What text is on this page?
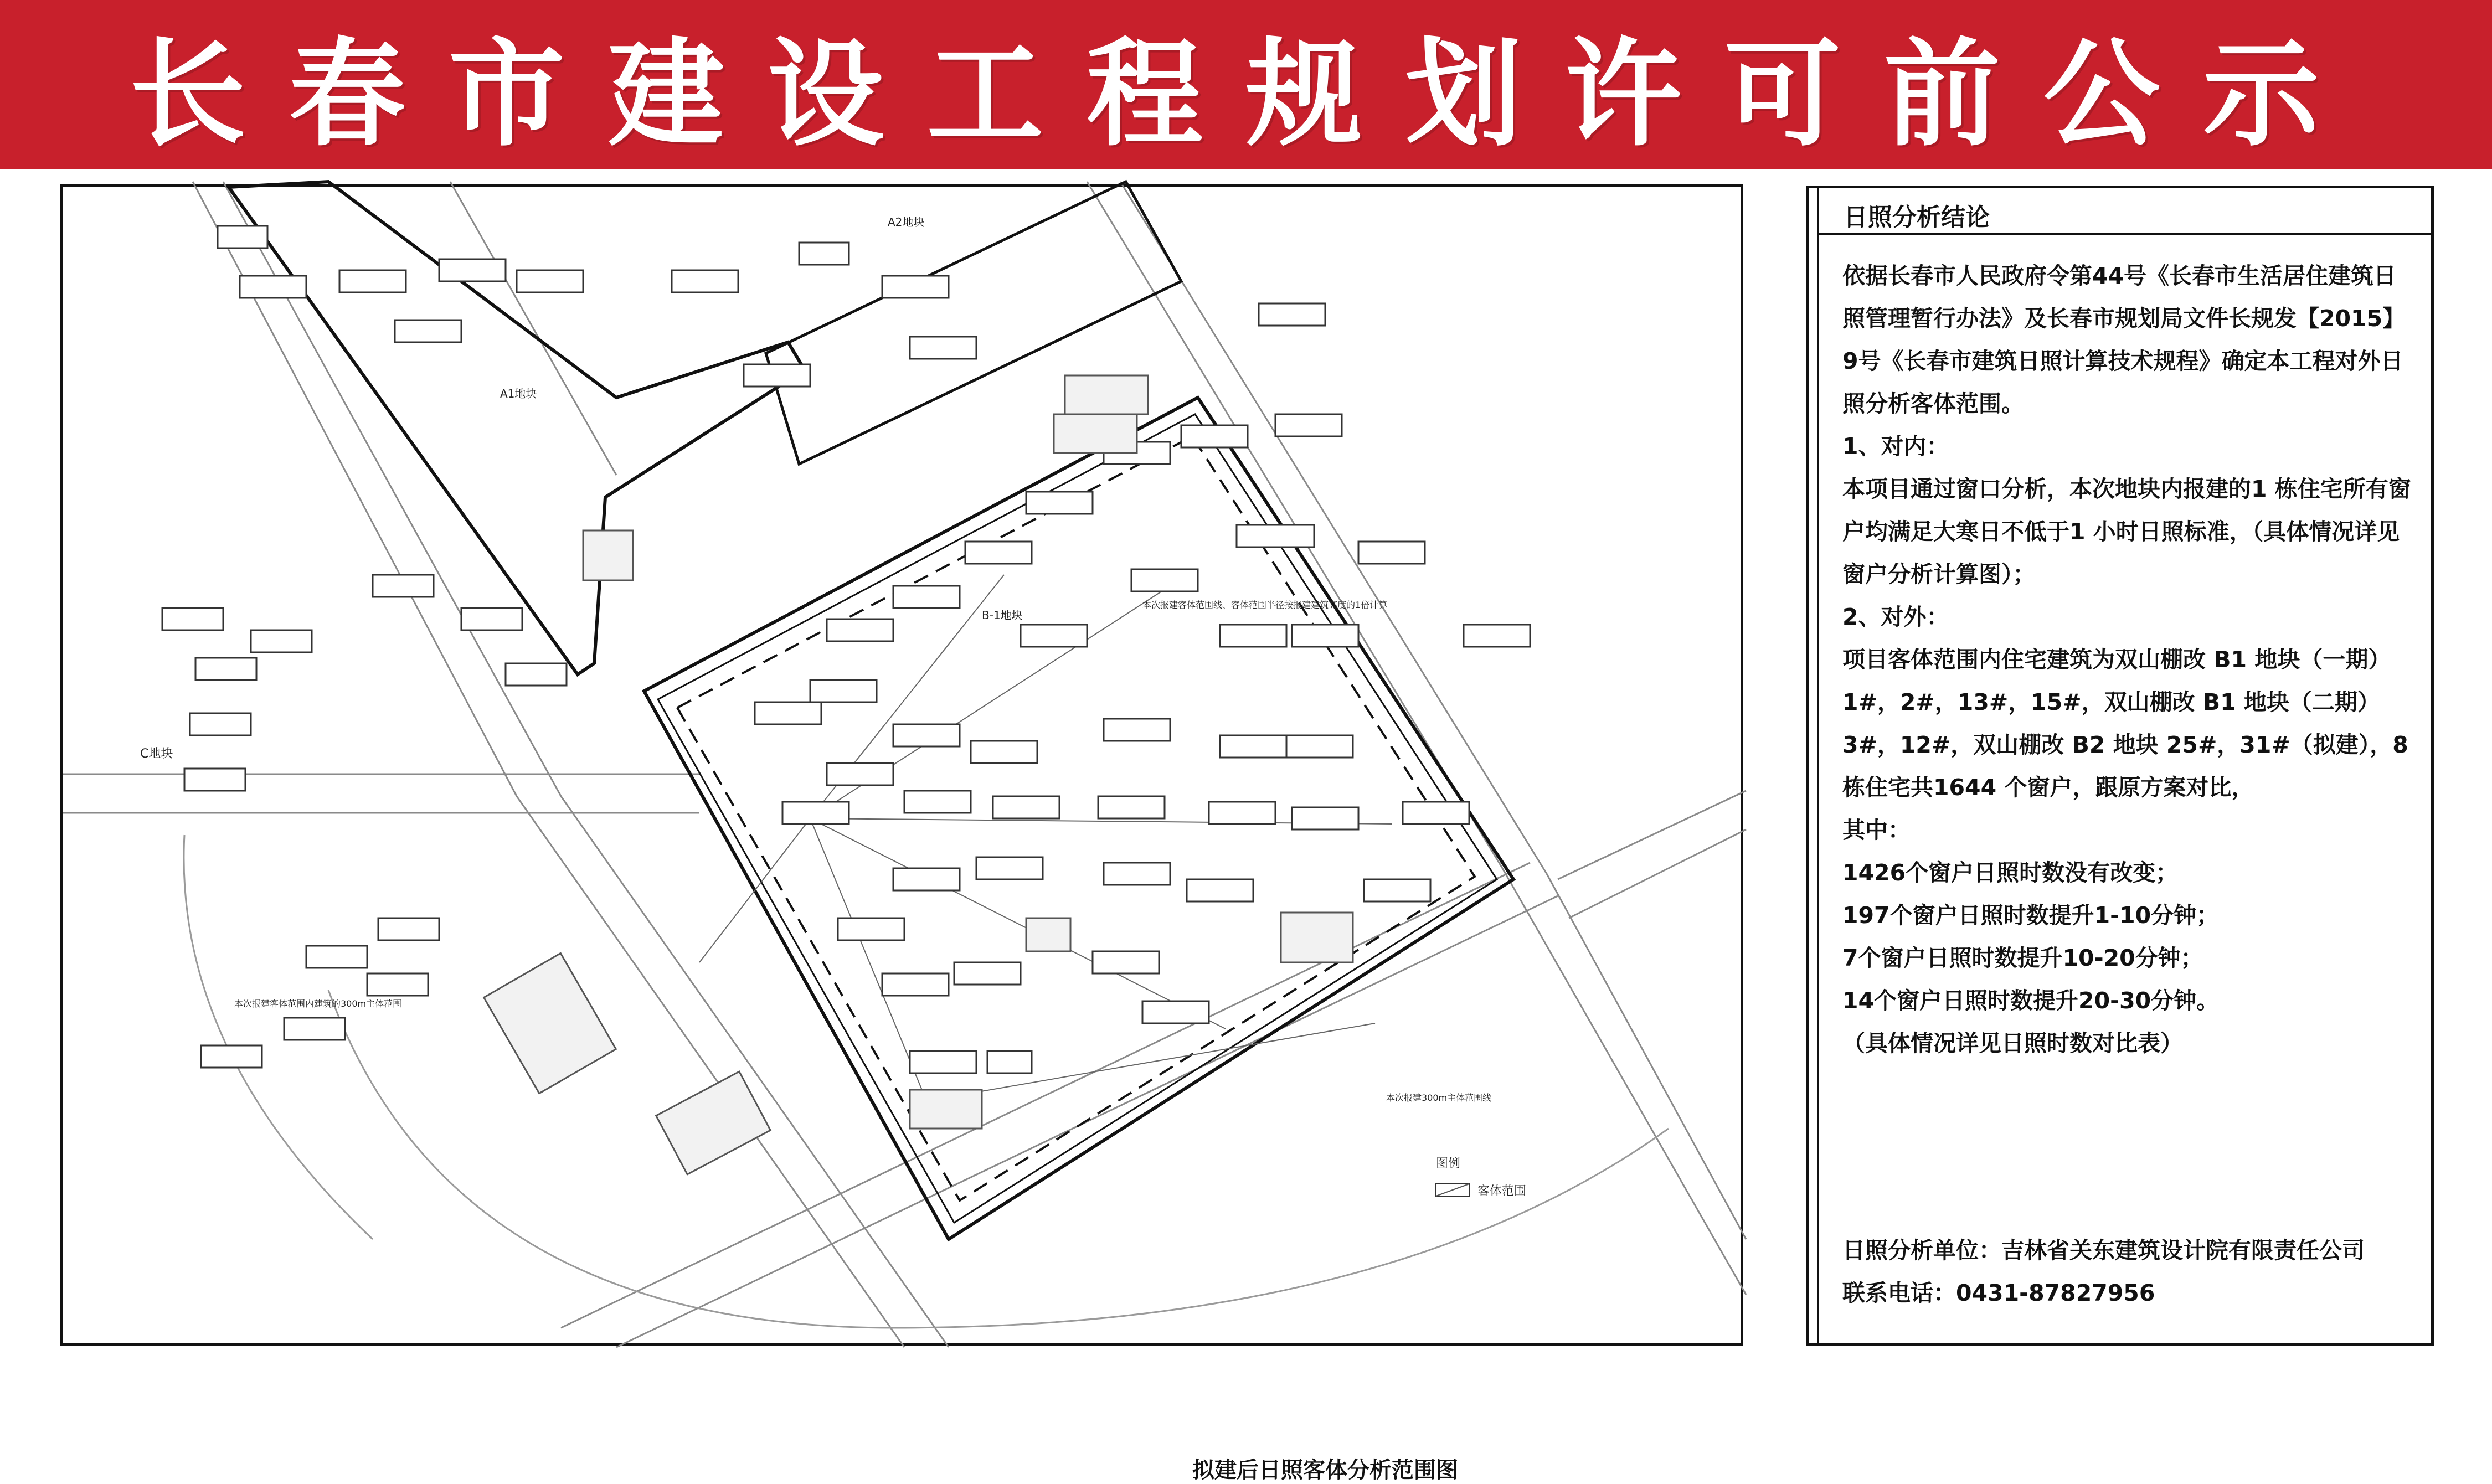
长春市建设工程规划许可前公示
A1地块
A2地块
B-1地块
C地块
本次报建客体范围线、客体范围半径按报建建筑高度的1倍计算
本次报建客体范围内建筑的300m主体范围
本次报建300m主体范围线
图例
客体范围
拟建后日照客体分析范围图
日照分析结论

依据长春市人民政府令第44号《长春市生活居住建筑日照管理暂行办法》及长春市规划局文件长规发【2015】9号《长春市建筑日照计算技术规程》确定本工程对外日照分析客体范围。

1、对内：

本项目通过窗口分析，本次地块内报建的1 栋住宅所有窗户均满足大寒日不低于1 小时日照标准，（具体情况详见窗户分析计算图）；

2、对外：

项目客体范围内住宅建筑为双山棚改 B1 地块（一期）1#，2#，13#，15#，双山棚改 B1 地块（二期）3#，12#，双山棚改 B2 地块 25#，31#（拟建），8 栋住宅共1644 个窗户，跟原方案对比，

其中：

1426个窗户日照时数没有改变；

197个窗户日照时数提升1-10分钟；

7个窗户日照时数提升10-20分钟；

14个窗户日照时数提升20-30分钟。

（具体情况详见日照时数对比表）

日照分析单位：吉林省关东建筑设计院有限责任公司

联系电话：0431-87827956
